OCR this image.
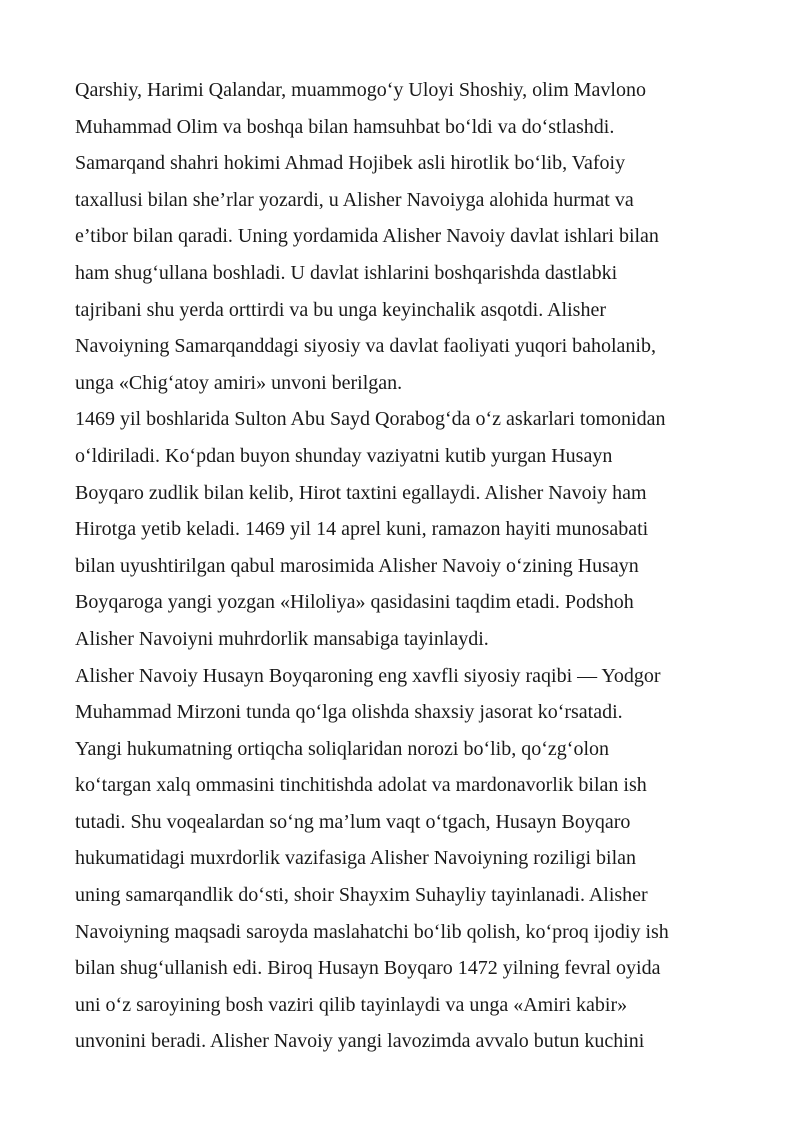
Qarshiy, Harimi Qalandar, muammogo‘y Uloyi Shoshiy, olim Mavlono
Muhammad Olim va boshqa bilan hamsuhbat bo‘ldi va do‘stlashdi.
Samarqand shahri hokimi Ahmad Hojibek asli hirotlik bo‘lib, Vafoiy
taxallusi bilan she’rlar yozardi, u Alisher Navoiyga alohida hurmat va
e’tibor bilan qaradi. Uning yordamida Alisher Navoiy davlat ishlari bilan
ham shug‘ullana boshladi. U davlat ishlarini boshqarishda dastlabki
tajribani shu yerda orttirdi va bu unga keyinchalik asqotdi. Alisher
Navoiyning Samarqanddagi siyosiy va davlat faoliyati yuqori baholanib,
unga «Chig‘atoy amiri» unvoni berilgan.
1469 yil boshlarida Sulton Abu Sayd Qorabog‘da o‘z askarlari tomonidan
o‘ldiriladi. Ko‘pdan buyon shunday vaziyatni kutib yurgan Husayn
Boyqaro zudlik bilan kelib, Hirot taxtini egallaydi. Alisher Navoiy ham
Hirotga yetib keladi. 1469 yil 14 aprel kuni, ramazon hayiti munosabati
bilan uyushtirilgan qabul marosimida Alisher Navoiy o‘zining Husayn
Boyqaroga yangi yozgan «Hiloliya» qasidasini taqdim etadi. Podshoh
Alisher Navoiyni muhrdorlik mansabiga tayinlaydi.
Alisher Navoiy Husayn Boyqaroning eng xavfli siyosiy raqibi — Yodgor
Muhammad Mirzoni tunda qo‘lga olishda shaxsiy jasorat ko‘rsatadi.
Yangi hukumatning ortiqcha soliqlaridan norozi bo‘lib, qo‘zg‘olon
ko‘targan xalq ommasini tinchitishda adolat va mardonavorlik bilan ish
tutadi. Shu voqealardan so‘ng ma’lum vaqt o‘tgach, Husayn Boyqaro
hukumatidagi muxrdorlik vazifasiga Alisher Navoiyning roziligi bilan
uning samarqandlik do‘sti, shoir Shayxim Suhayliy tayinlanadi. Alisher
Navoiyning maqsadi saroyda maslahatchi bo‘lib qolish, ko‘proq ijodiy ish
bilan shug‘ullanish edi. Biroq Husayn Boyqaro 1472 yilning fevral oyida
uni o‘z saroyining bosh vaziri qilib tayinlaydi va unga «Amiri kabir»
unvonini beradi. Alisher Navoiy yangi lavozimda avvalo butun kuchini
